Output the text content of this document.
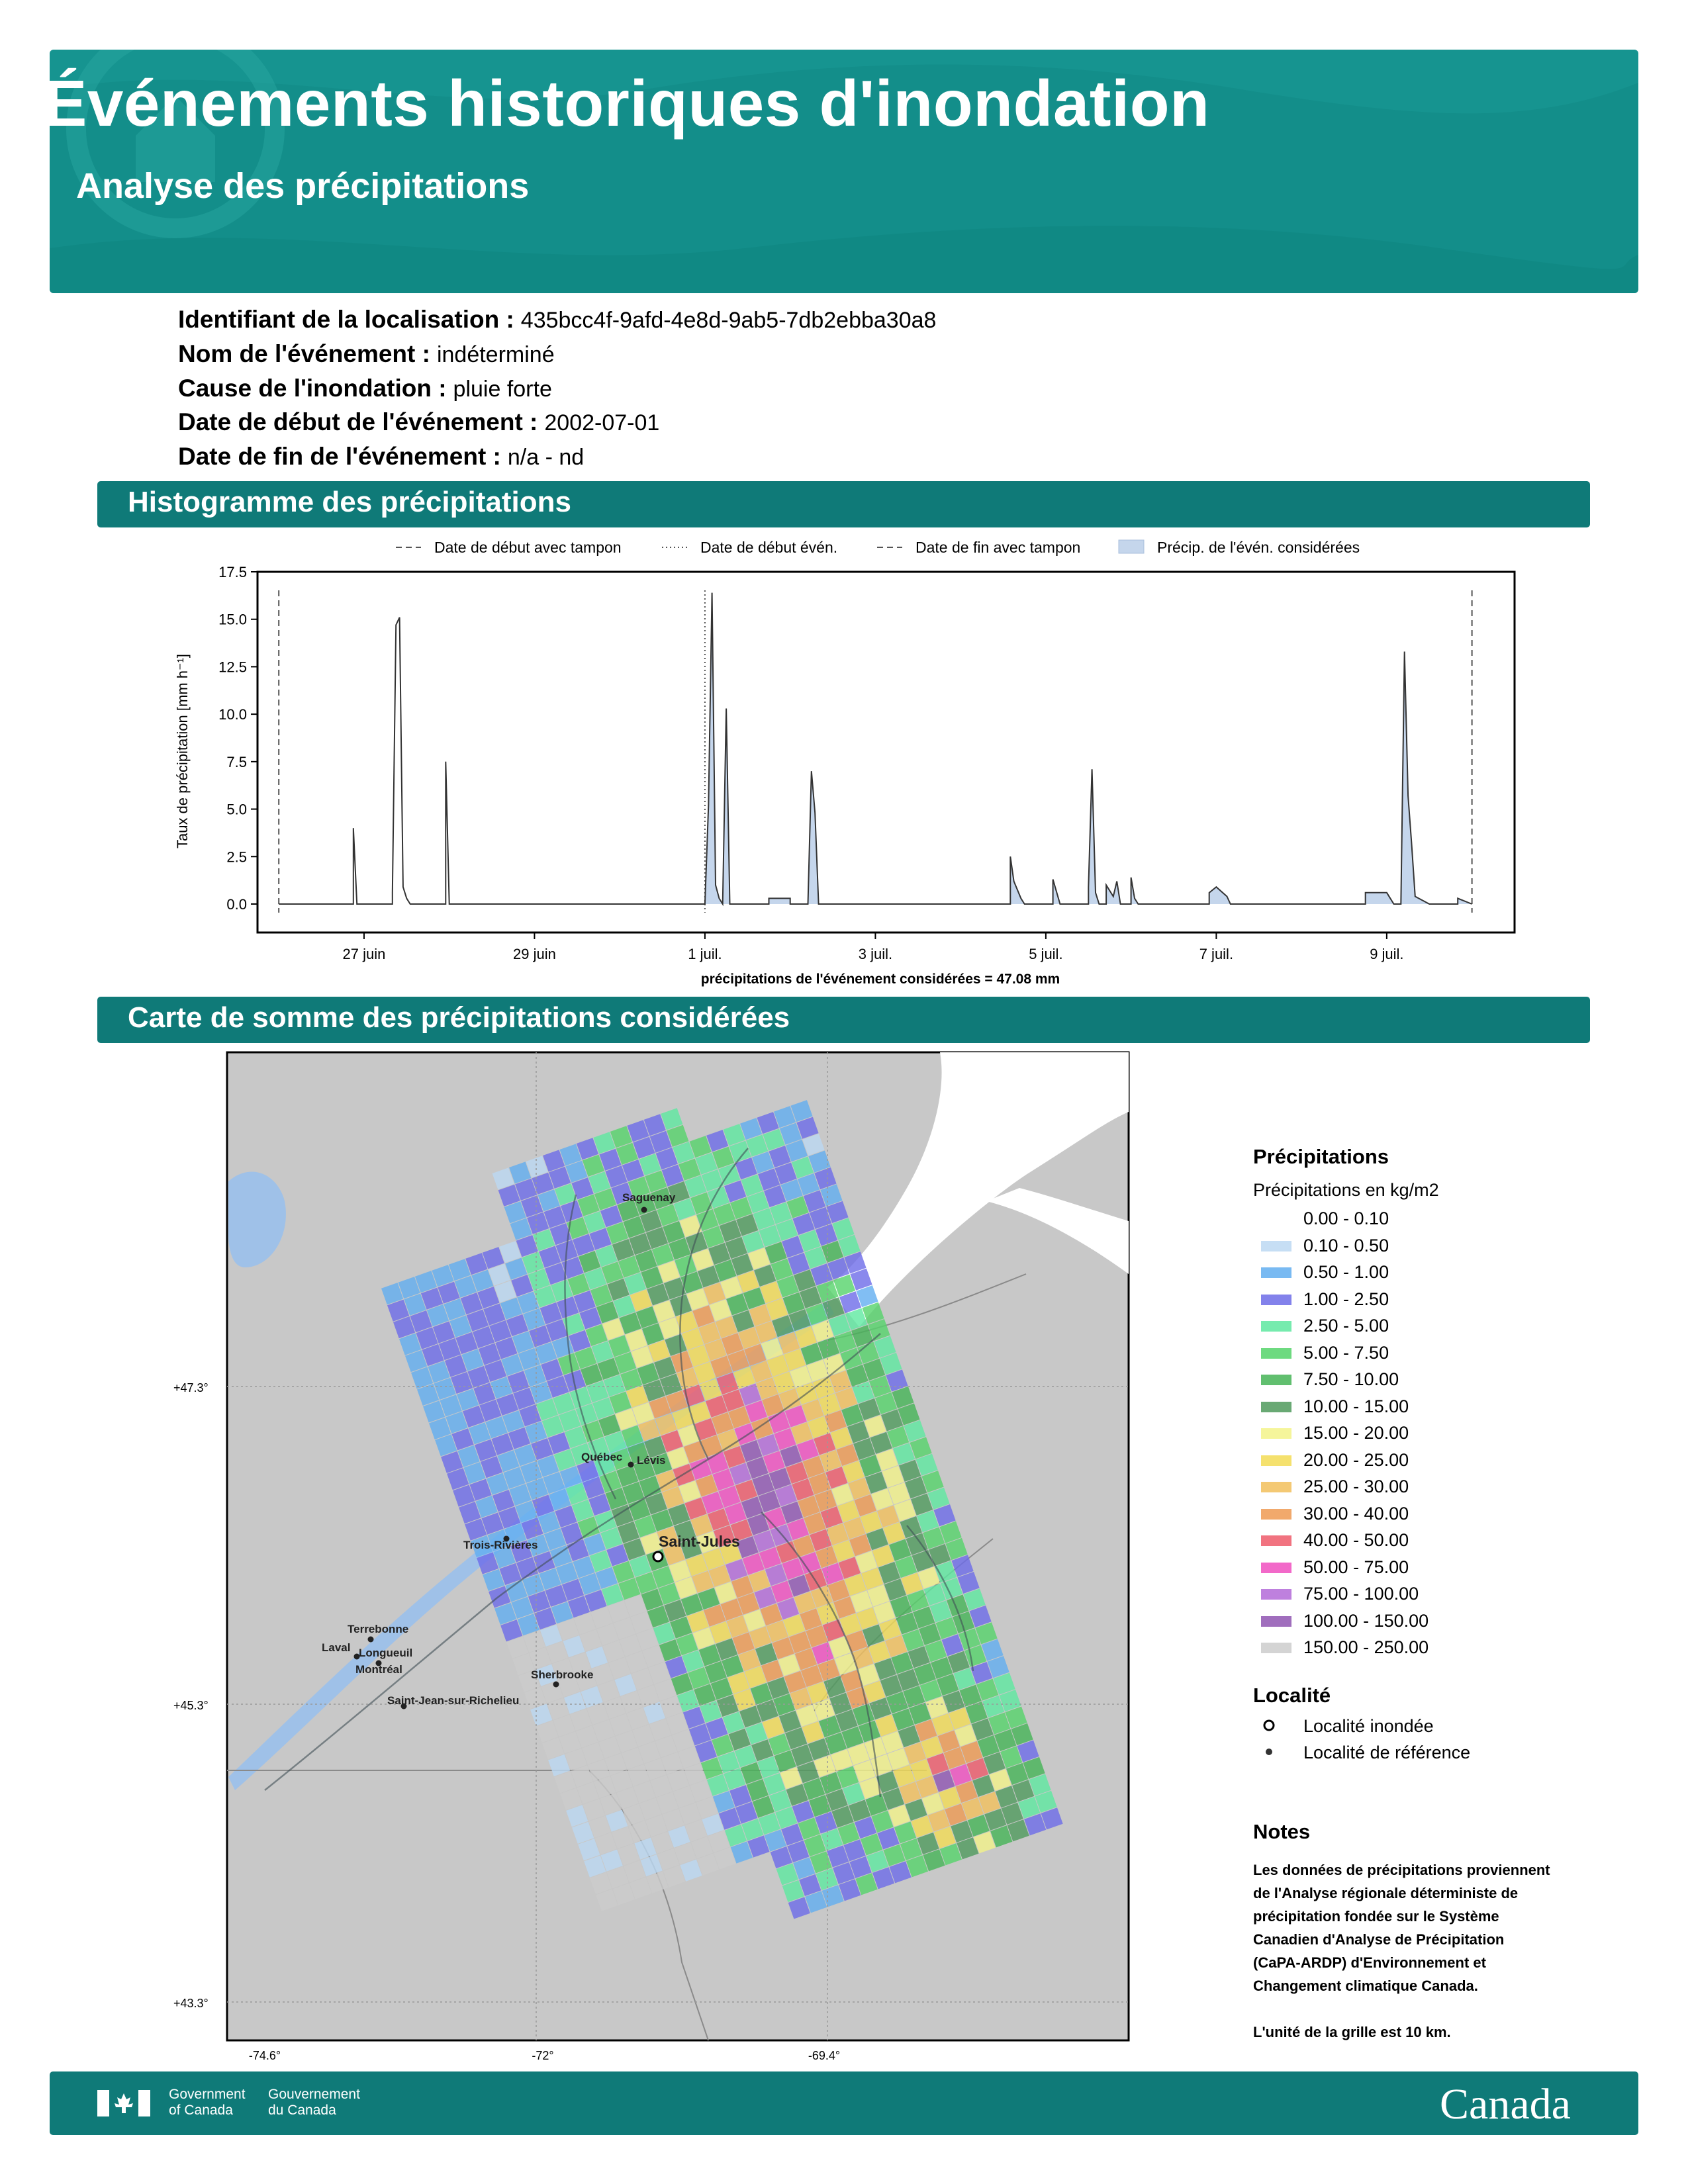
Événements historiques d'inondation
Analyse des précipitations
Identifiant de la localisation : 435bcc4f-9afd-4e8d-9ab5-7db2ebba30a8
Nom de l'événement : indéterminé
Cause de l'inondation : pluie forte
Date de début de l'événement : 2002-07-01
Date de fin de l'événement : n/a - nd
Histogramme des précipitations
Date de début avec tampon	Date de début évén.	Date de fin avec tampon	Précip. de l'évén. considérées
0.0
2.5
5.0
7.5
10.0
12.5
15.0
17.5
27 juin	29 juin	1 juil.	3 juil.	5 juil.	7 juil.	9 juil.
Taux de précipitation [mm h⁻¹]
précipitations de l'événement considérées = 47.08 mm
Carte de somme des précipitations considérées
+47.3°
+45.3°
+43.3°
-74.6°	-72°	-69.4°
Saguenay
Québec Lévis
Trois-Rivières	Saint-Jules
Terrebonne
Laval Longueuil
Montréal	Sherbrooke
Saint-Jean-sur-Richelieu
Précipitations
Précipitations en kg/m2
0.00 - 0.10
0.10 - 0.50
0.50 - 1.00
1.00 - 2.50
2.50 - 5.00
5.00 - 7.50
7.50 - 10.00
10.00 - 15.00
15.00 - 20.00
20.00 - 25.00
25.00 - 30.00
30.00 - 40.00
40.00 - 50.00
50.00 - 75.00
75.00 - 100.00
100.00 - 150.00
150.00 - 250.00
Localité
Localité inondée
Localité de référence
Notes
Les données de précipitations proviennent
de l'Analyse régionale déterministe de
précipitation fondée sur le Système
Canadien d'Analyse de Précipitation
(CaPA-ARDP) d'Environnement et
Changement climatique Canada.
L'unité de la grille est 10 km.
Government
of Canada
Gouvernement
du Canada	Canada
